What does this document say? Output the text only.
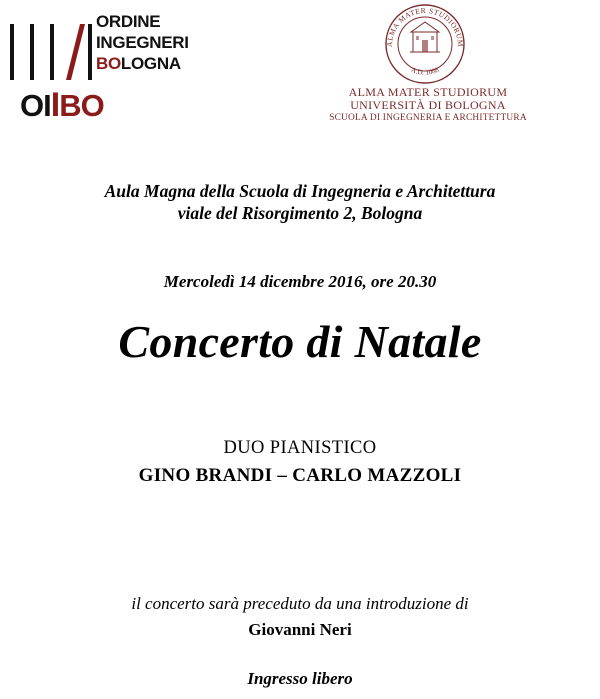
OIIBO
ORDINE
INGEGNERI
BOLOGNA
ALMA MATER STUDIORUM
A.D. 1088
ALMA MATER STUDIORUM
UNIVERSITÀ DI BOLOGNA
SCUOLA DI INGEGNERIA E ARCHITETTURA
Aula Magna della Scuola di Ingegneria e Architettura
viale del Risorgimento 2, Bologna
Mercoledì 14 dicembre 2016, ore 20.30
Concerto di Natale
DUO PIANISTICO
GINO BRANDI – CARLO MAZZOLI
il concerto sarà preceduto da una introduzione di
Giovanni Neri
Ingresso libero
